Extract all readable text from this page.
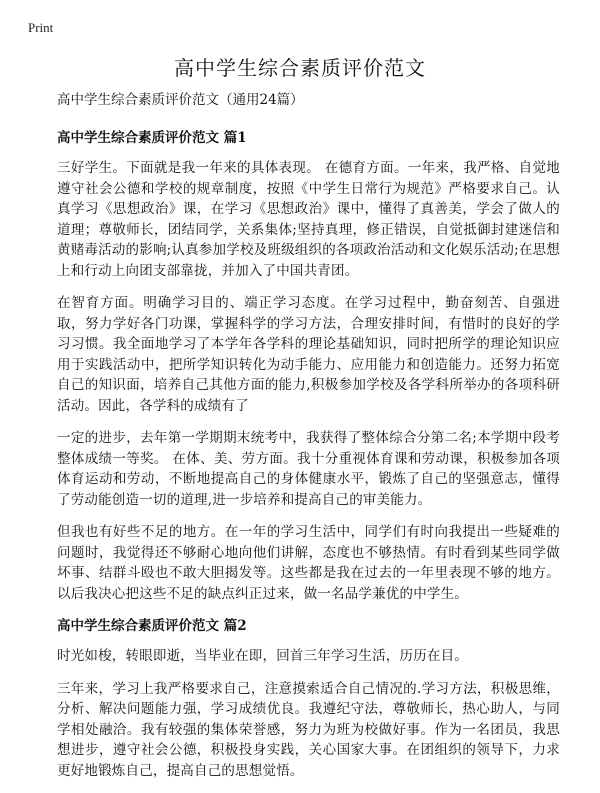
Print
高中学生综合素质评价范文

高中学生综合素质评价范文（通用24篇）

高中学生综合素质评价范文 篇1

三好学生。下面就是我一年来的具体表现。 在德育方面。一年来，我严格、自觉地遵守社会公德和学校的规章制度，按照《中学生日常行为规范》严格要求自己。认真学习《思想政治》课，在学习《思想政治》课中，懂得了真善美，学会了做人的道理；尊敬师长，团结同学，关系集体;坚持真理，修正错误，自觉抵御封建迷信和黄赌毒活动的影响;认真参加学校及班级组织的各项政治活动和文化娱乐活动;在思想上和行动上向团支部靠拢，并加入了中国共青团。

在智育方面。明确学习目的、端正学习态度。在学习过程中，勤奋刻苦、自强进取，努力学好各门功课，掌握科学的学习方法，合理安排时间，有惜时的良好的学习习惯。我全面地学习了本学年各学科的理论基础知识，同时把所学的理论知识应用于实践活动中，把所学知识转化为动手能力、应用能力和创造能力。还努力拓宽自己的知识面，培养自己其他方面的能力,积极参加学校及各学科所举办的各项科研活动。因此，各学科的成绩有了

一定的进步，去年第一学期期末统考中，我获得了整体综合分第二名;本学期中段考整体成绩一等奖。 在体、美、劳方面。我十分重视体育课和劳动课，积极参加各项体育运动和劳动，不断地提高自己的身体健康水平，锻炼了自己的坚强意志，懂得了劳动能创造一切的道理,进一步培养和提高自己的审美能力。

但我也有好些不足的地方。在一年的学习生活中，同学们有时向我提出一些疑难的问题时，我觉得还不够耐心地向他们讲解，态度也不够热情。有时看到某些同学做坏事、结群斗殴也不敢大胆揭发等。这些都是我在过去的一年里表现不够的地方。以后我决心把这些不足的缺点纠正过来，做一名品学兼优的中学生。

高中学生综合素质评价范文 篇2

时光如梭，转眼即逝，当毕业在即，回首三年学习生活，历历在目。

三年来，学习上我严格要求自己，注意摸索适合自己情况的.学习方法，积极思维，分析、解决问题能力强，学习成绩优良。我遵纪守法，尊敬师长，热心助人，与同学相处融洽。我有较强的集体荣誉感，努力为班为校做好事。作为一名团员，我思想进步，遵守社会公德，积极投身实践，关心国家大事。在团组织的领导下，力求更好地锻炼自己，提高自己的思想觉悟。
